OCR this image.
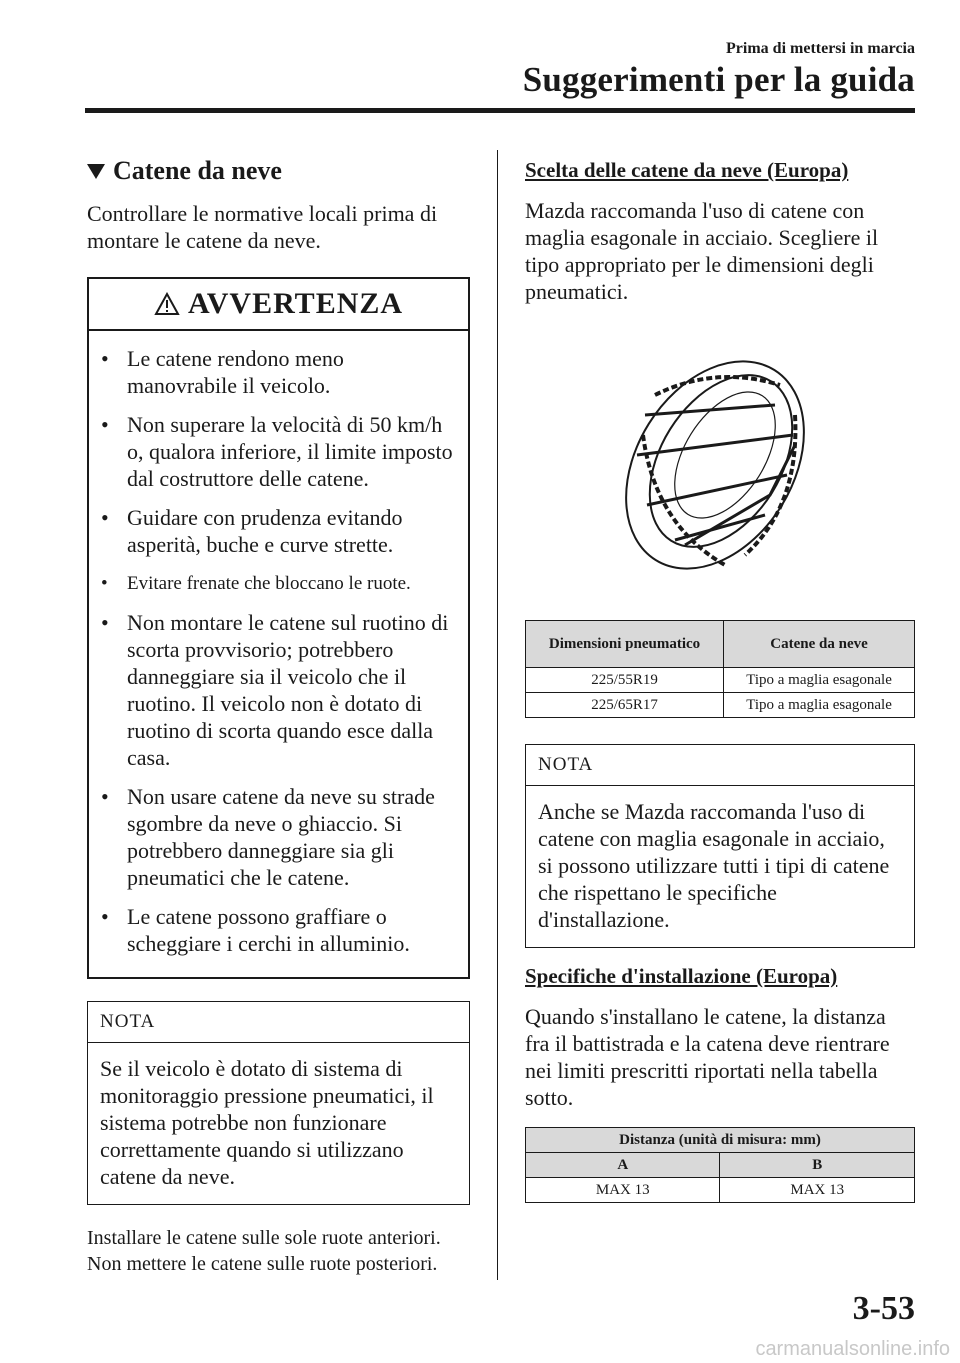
Prima di mettersi in marcia
Suggerimenti per la guida
Catene da neve

Controllare le normative locali prima di montare le catene da neve.

AVVERTENZA
• Le catene rendono meno manovrabile il veicolo.
• Non superare la velocità di 50 km/h o, qualora inferiore, il limite imposto dal costruttore delle catene.
• Guidare con prudenza evitando asperità, buche e curve strette.
• Evitare frenate che bloccano le ruote.
• Non montare le catene sul ruotino di scorta provvisorio; potrebbero danneggiare sia il veicolo che il ruotino. Il veicolo non è dotato di ruotino di scorta quando esce dalla casa.
• Non usare catene da neve su strade sgombre da neve o ghiaccio. Si potrebbero danneggiare sia gli pneumatici che le catene.
• Le catene possono graffiare o scheggiare i cerchi in alluminio.
NOTA
Se il veicolo è dotato di sistema di monitoraggio pressione pneumatici, il sistema potrebbe non funzionare correttamente quando si utilizzano catene da neve.

Installare le catene sulle sole ruote anteriori. Non mettere le catene sulle ruote posteriori.

Scelta delle catene da neve (Europa)

Mazda raccomanda l'uso di catene con maglia esagonale in acciaio. Scegliere il tipo appropriato per le dimensioni degli pneumatici.

Dimensioni pneumatico	Catene da neve
225/55R19	Tipo a maglia esagonale
225/65R17	Tipo a maglia esagonale
NOTA
Anche se Mazda raccomanda l'uso di catene con maglia esagonale in acciaio, si possono utilizzare tutti i tipi di catene che rispettano le specifiche d'installazione.
Specifiche d'installazione (Europa)

Quando s'installano le catene, la distanza fra il battistrada e la catena deve rientrare nei limiti prescritti riportati nella tabella sotto.

Distanza (unità di misura: mm)	
A	B
MAX 13	MAX 13
3-53
carmanualsonline.info
